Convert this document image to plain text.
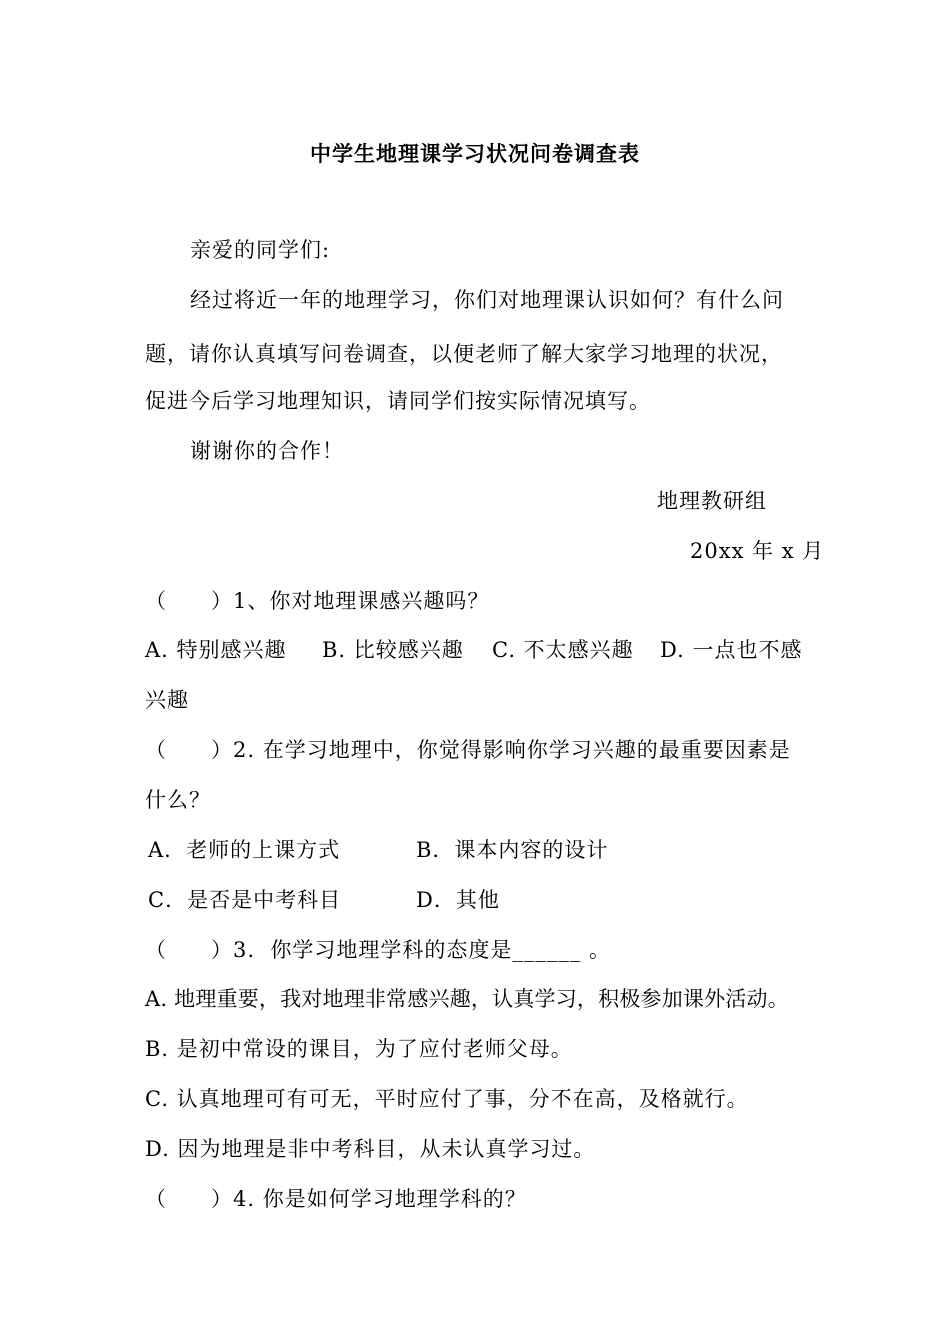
中学生地理课学习状况问卷调查表
亲爱的同学们:
经过将近一年的地理学习，你们对地理课认识如何？有什么问
题，请你认真填写问卷调查，以便老师了解大家学习地理的状况，
促进今后学习地理知识，请同学们按实际情况填写。
谢谢你的合作！
地理教研组
20xx 年 x 月
（　　）1、你对地理课感兴趣吗？
A. 特别感兴趣 B. 比较感兴趣 C. 不太感兴趣 D. 一点也不感
兴趣
（　　）2. 在学习地理中，你觉得影响你学习兴趣的最重要因素是
什么？
A．老师的上课方式	B．课本内容的设计
C．是否是中考科目	D．其他
（　　）3.  你学习地理学科的态度是______ 。
A. 地理重要，我对地理非常感兴趣，认真学习，积极参加课外活动。
B. 是初中常设的课目，为了应付老师父母。
C. 认真地理可有可无，平时应付了事，分不在高，及格就行。
D. 因为地理是非中考科目，从未认真学习过。
（　　）4. 你是如何学习地理学科的？
